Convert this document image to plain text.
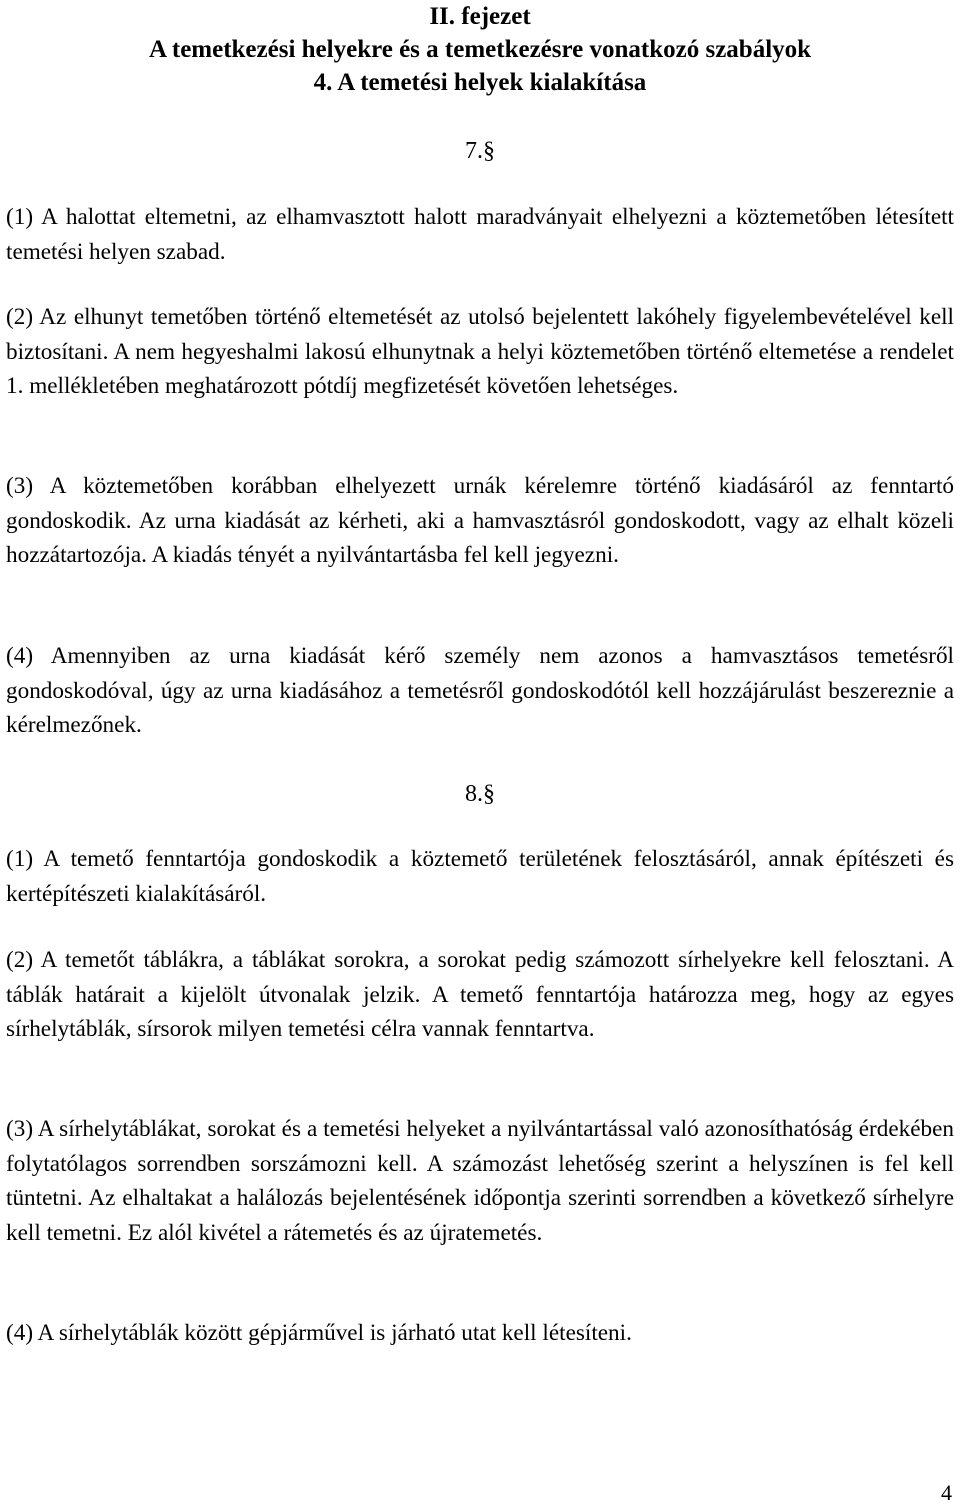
II. fejezet
A temetkezési helyekre és a temetkezésre vonatkozó szabályok
4. A temetési helyek kialakítása
7.§

(1) A halottat eltemetni, az elhamvasztott halott maradványait elhelyezni a köztemetőben létesített temetési helyen szabad.

(2) Az elhunyt temetőben történő eltemetését az utolsó bejelentett lakóhely figyelembevételével kell biztosítani. A nem hegyeshalmi lakosú elhunytnak a helyi köztemetőben történő eltemetése a rendelet 1. mellékletében meghatározott pótdíj megfizetését követően lehetséges.

(3) A köztemetőben korábban elhelyezett urnák kérelemre történő kiadásáról az fenntartó gondoskodik. Az urna kiadását az kérheti, aki a hamvasztásról gondoskodott, vagy az elhalt közeli hozzátartozója. A kiadás tényét a nyilvántartásba fel kell jegyezni.

(4) Amennyiben az urna kiadását kérő személy nem azonos a hamvasztásos temetésről gondoskodóval, úgy az urna kiadásához a temetésről gondoskodótól kell hozzájárulást beszereznie a kérelmezőnek.

8.§

(1) A temető fenntartója gondoskodik a köztemető területének felosztásáról, annak építészeti és kertépítészeti kialakításáról.

(2) A temetőt táblákra, a táblákat sorokra, a sorokat pedig számozott sírhelyekre kell felosztani. A táblák határait a kijelölt útvonalak jelzik. A temető fenntartója határozza meg, hogy az egyes sírhelytáblák, sírsorok milyen temetési célra vannak fenntartva.

(3) A sírhelytáblákat, sorokat és a temetési helyeket a nyilvántartással való azonosíthatóság érdekében folytatólagos sorrendben sorszámozni kell. A számozást lehetőség szerint a helyszínen is fel kell tüntetni. Az elhaltakat a halálozás bejelentésének időpontja szerinti sorrendben a következő sírhelyre kell temetni. Ez alól kivétel a rátemetés és az újratemetés.

(4) A sírhelytáblák között gépjárművel is járható utat kell létesíteni.

4
